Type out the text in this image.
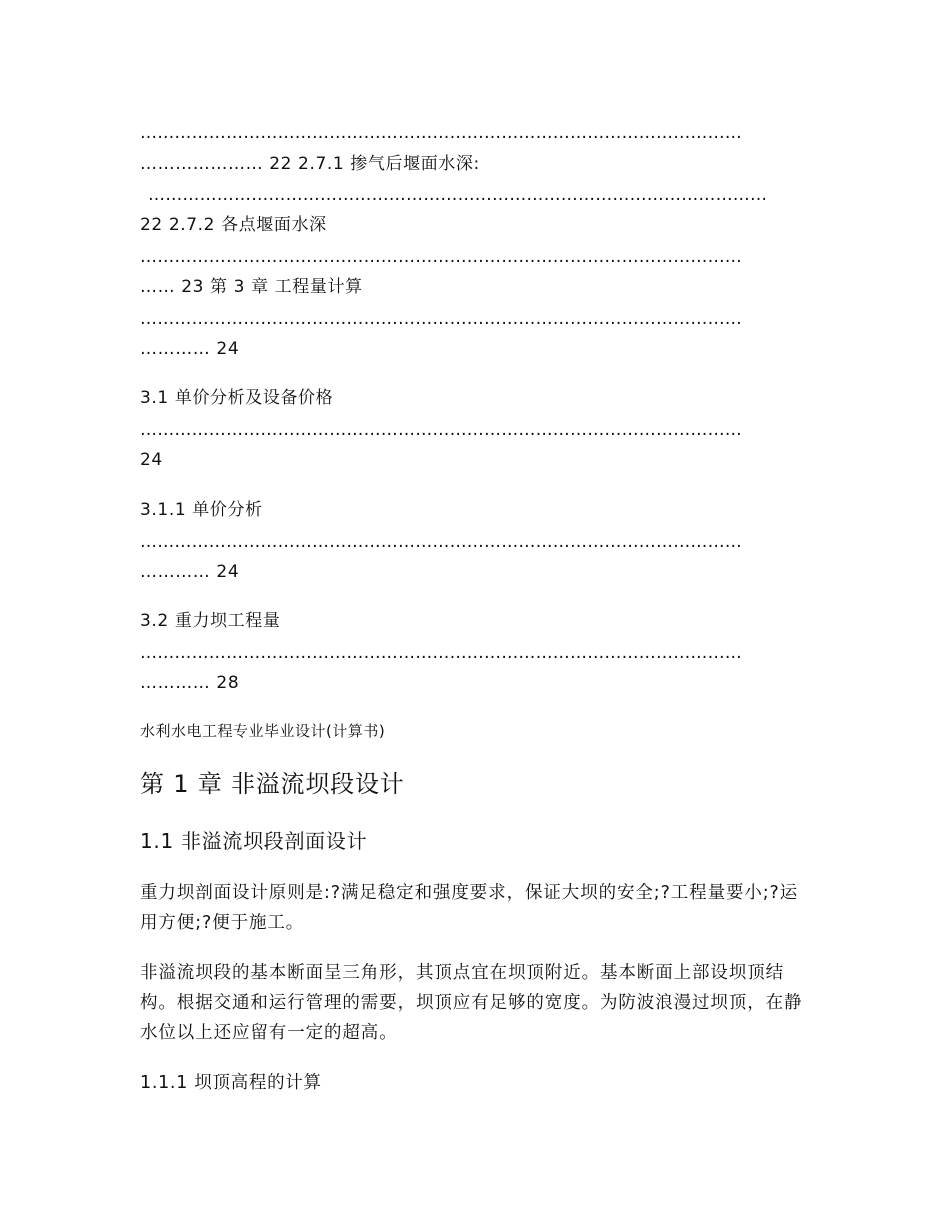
……………………………………………………………………………………………
………………… 22 2.7.1 掺气后堰面水深:
………………………………………………………………………………………………
22 2.7.2 各点堰面水深
……………………………………………………………………………………………
…… 23 第 3 章 工程量计算
……………………………………………………………………………………………
………… 24
3.1 单价分析及设备价格
……………………………………………………………………………………………
24
3.1.1 单价分析
……………………………………………………………………………………………
………… 24
3.2 重力坝工程量
……………………………………………………………………………………………
………… 28
水利水电工程专业毕业设计(计算书)
第 1 章 非溢流坝段设计
1.1 非溢流坝段剖面设计
重力坝剖面设计原则是:?满足稳定和强度要求，保证大坝的安全;?工程量要小;?运用方便;?便于施工。
非溢流坝段的基本断面呈三角形，其顶点宜在坝顶附近。基本断面上部设坝顶结构。根据交通和运行管理的需要，坝顶应有足够的宽度。为防波浪漫过坝顶，在静水位以上还应留有一定的超高。
1.1.1 坝顶高程的计算
